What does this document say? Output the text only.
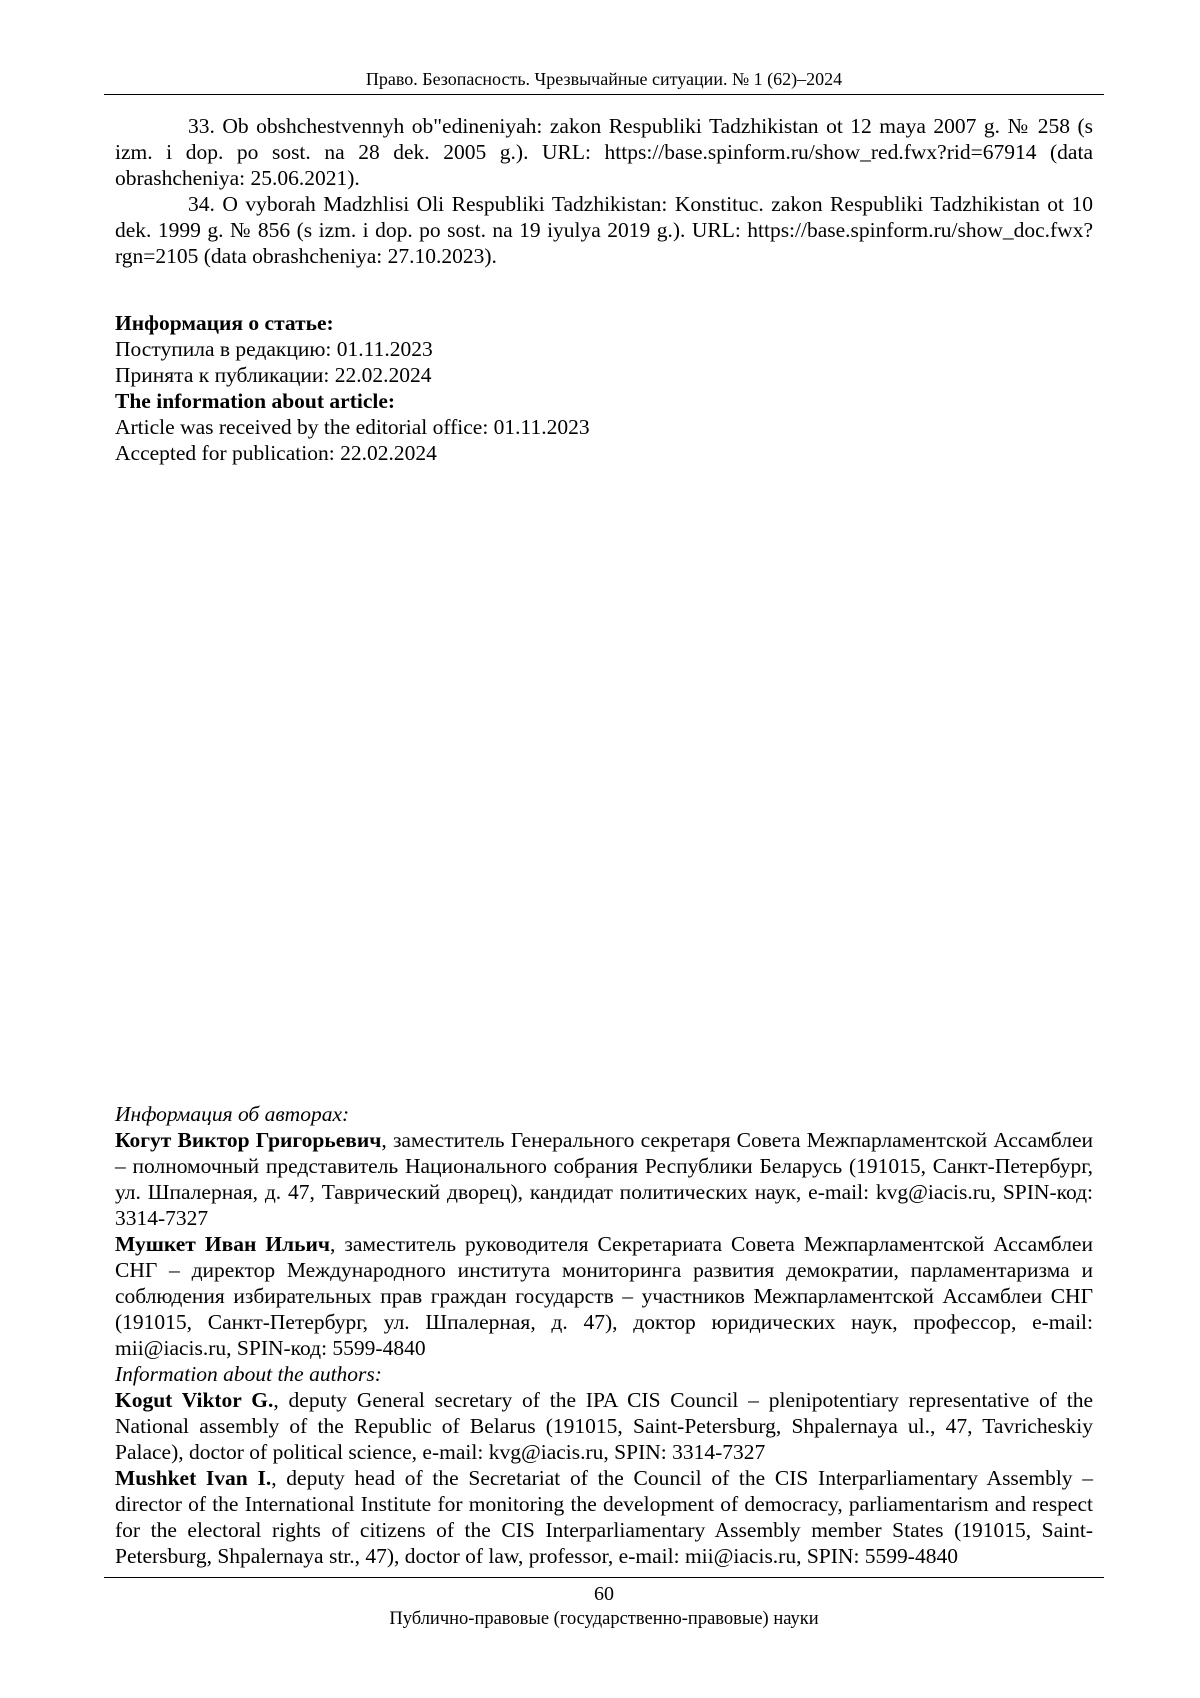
Право. Безопасность. Чрезвычайные ситуации. № 1 (62)–2024

33. Ob obshchestvennyh ob"edineniyah: zakon Respubliki Tadzhikistan ot 12 maya 2007 g. № 258 (s izm. i dop. po sost. na 28 dek. 2005 g.). URL: https://base.spinform.ru/show_red.fwx?rid=67914 (data obrashcheniya: 25.06.2021).

34. O vyborah Madzhlisi Oli Respubliki Tadzhikistan: Konstituc. zakon Respubliki Tadzhikistan ot 10 dek. 1999 g. № 856 (s izm. i dop. po sost. na 19 iyulya 2019 g.). URL: https://base.spinform.ru/show_doc.fwx?rgn=2105 (data obrashcheniya: 27.10.2023).

Информация о статье:

Поступила в редакцию: 01.11.2023

Принята к публикации: 22.02.2024

The information about article:

Article was received by the editorial office: 01.11.2023

Accepted for publication: 22.02.2024

Информация об авторах:

Когут Виктор Григорьевич, заместитель Генерального секретаря Совета Межпарламентской Ассамблеи – полномочный представитель Национального собрания Республики Беларусь (191015, Санкт-Петербург, ул. Шпалерная, д. 47, Таврический дворец), кандидат политических наук, e-mail: kvg@iacis.ru, SPIN-код: 3314-7327

Мушкет Иван Ильич, заместитель руководителя Секретариата Совета Межпарламентской Ассамблеи СНГ – директор Международного института мониторинга развития демократии, парламентаризма и соблюдения избирательных прав граждан государств – участников Межпарламентской Ассамблеи СНГ (191015, Санкт-Петербург, ул. Шпалерная, д. 47), доктор юридических наук, профессор, e-mail: mii@iacis.ru, SPIN-код: 5599-4840

Information about the authors:

Kogut Viktor G., deputy General secretary of the IPA CIS Council – plenipotentiary representative of the National assembly of the Republic of Belarus (191015, Saint-Petersburg, Shpalernaya ul., 47, Tavricheskiy Palace), doctor of political science, e-mail: kvg@iacis.ru, SPIN: 3314-7327

Mushket Ivan I., deputy head of the Secretariat of the Council of the CIS Interparliamentary Assembly – director of the International Institute for monitoring the development of democracy, parliamentarism and respect for the electoral rights of citizens of the CIS Interparliamentary Assembly member States (191015, Saint-Petersburg, Shpalernaya str., 47), doctor of law, professor, e-mail: mii@iacis.ru, SPIN: 5599-4840

60
Публично-правовые (государственно-правовые) науки
